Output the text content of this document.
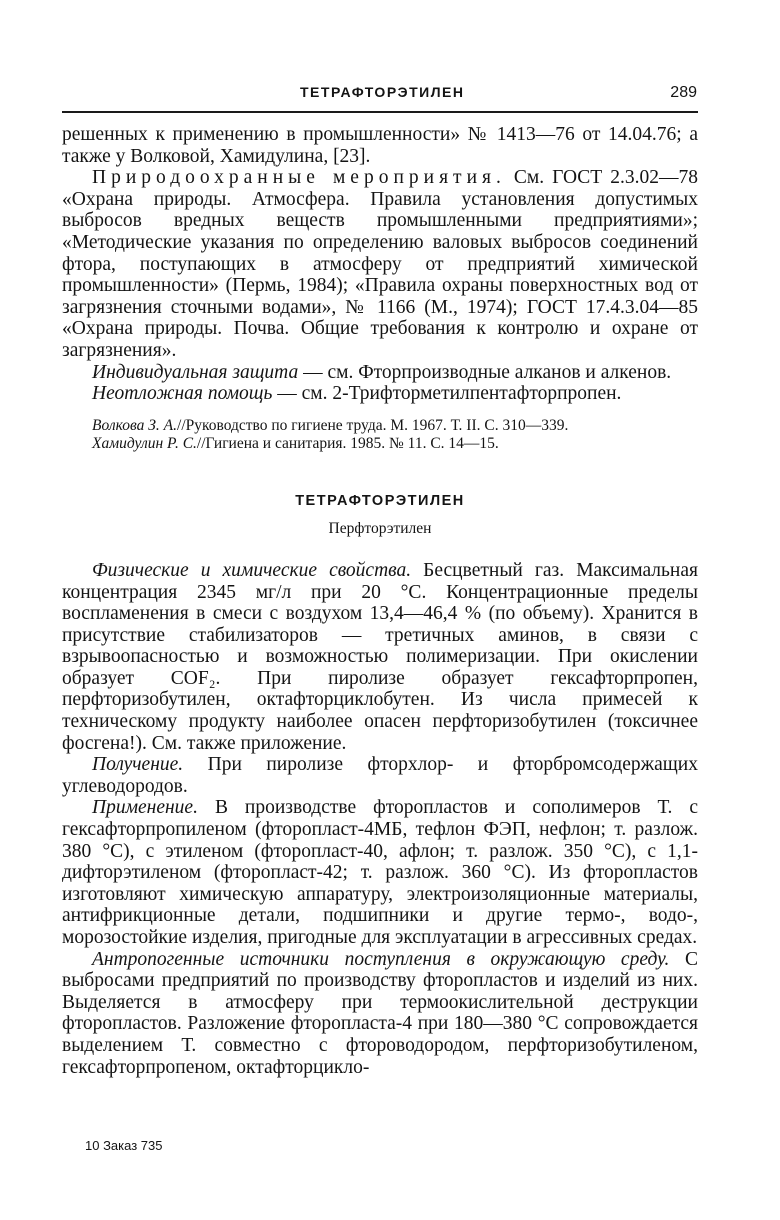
ТЕТРАФТОРЭТИЛЕН	289

решенных к применению в промышленности» № 1413—76 от 14.04.76; а также у Волковой, Хамидулина, [23].

Природоохранные мероприятия. См. ГОСТ 2.3.02—78 «Охрана природы. Атмосфера. Правила установления допустимых выбросов вредных веществ промышленными предприятиями»; «Методические указания по определению валовых выбросов соединений фтора, поступающих в атмосферу от предприятий химической промышленности» (Пермь, 1984); «Правила охраны поверхностных вод от загрязнения сточными водами», № 1166 (М., 1974); ГОСТ 17.4.3.04—85 «Охрана природы. Почва. Общие требования к контролю и охране от загрязнения».

Индивидуальная защита — см. Фторпроизводные алканов и алкенов.

Неотложная помощь — см. 2-Трифторметилпентафторпропен.

Волкова З. А.//Руководство по гигиене труда. М. 1967. Т. II. С. 310—339.

Хамидулин Р. С.//Гигиена и санитария. 1985. № 11. С. 14—15.

ТЕТРАФТОРЭТИЛЕН

Перфторэтилен

Физические и химические свойства. Бесцветный газ. Максимальная концентрация 2345 мг/л при 20 °С. Концентрационные пределы воспламенения в смеси с воздухом 13,4—46,4 % (по объему). Хранится в присутствие стабилизаторов — третичных аминов, в связи с взрывоопасностью и возможностью полимеризации. При окислении образует COF₂. При пиролизе образует гексафторпропен, перфторизобутилен, октафторциклобутен. Из числа примесей к техническому продукту наиболее опасен перфторизобутилен (токсичнее фосгена!). См. также приложение.

Получение. При пиролизе фторхлор- и фторбромсодержащих углеводородов.

Применение. В производстве фторопластов и сополимеров Т. с гексафторпропиленом (фторопласт-4МБ, тефлон ФЭП, нефлон; т. разлож. 380 °С), с этиленом (фторопласт-40, афлон; т. разлож. 350 °С), с 1,1-дифторэтиленом (фторопласт-42; т. разлож. 360 °С). Из фторопластов изготовляют химическую аппаратуру, электроизоляционные материалы, антифрикционные детали, подшипники и другие термо-, водо-, морозостойкие изделия, пригодные для эксплуатации в агрессивных средах.

Антропогенные источники поступления в окружающую среду. С выбросами предприятий по производству фторопластов и изделий из них. Выделяется в атмосферу при термоокислительной деструкции фторопластов. Разложение фторопласта-4 при 180—380 °С сопровождается выделением Т. совместно с фтороводородом, перфторизобутиленом, гексафторпропеном, октафторцикло-

10 Заказ 735
